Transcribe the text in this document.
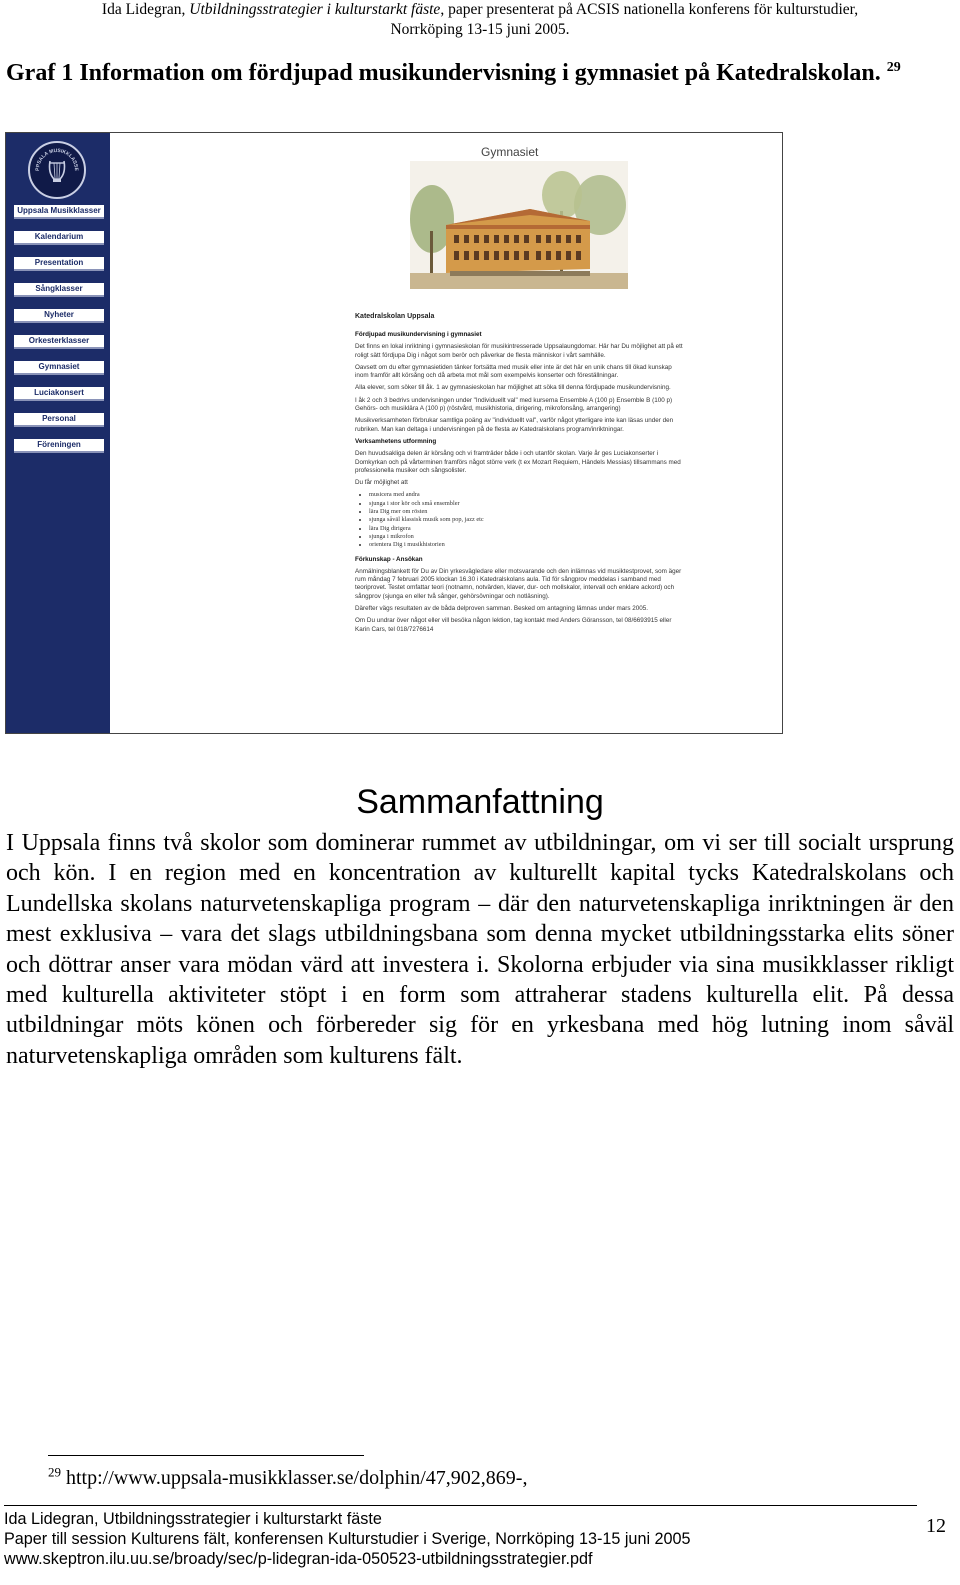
Ida Lidegran, Utbildningsstrategier i kulturstarkt fäste, paper presenterat på ACSIS nationella konferens för kulturstudier,
Norrköping 13-15 juni 2005.
Graf 1 Information om fördjupad musikundervisning i gymnasiet på Katedralskolan. $^{29}$
PPSALA MUSIKKLASSE
Uppsala Musikklasser
Kalendarium
Presentation
Sångklasser
Nyheter
Orkesterklasser
Gymnasiet
Luciakonsert
Personal
Föreningen
Gymnasiet
Katedralskolan Uppsala

Fördjupad musikundervisning i gymnasiet

Det finns en lokal inriktning i gymnasieskolan för musikintresserade Uppsalaungdomar. Här har Du möjlighet att på ett roligt sätt fördjupa Dig i något som berör och påverkar de flesta människor i vårt samhälle.

Oavsett om du efter gymnasietiden tänker fortsätta med musik eller inte är det här en unik chans till ökad kunskap inom framför allt körsång och då arbeta mot mål som exempelvis konserter och föreställningar.

Alla elever, som söker till åk. 1 av gymnasieskolan har möjlighet att söka till denna fördjupade musikundervisning.

I åk 2 och 3 bedrivs undervisningen under "Individuellt val" med kurserna Ensemble A (100 p) Ensemble B (100 p) Gehörs- och musiklära A (100 p) (röstvård, musikhistoria, dirigering, mikrofonsång, arrangering)

Musikverksamheten förbrukar samtliga poäng av "individuellt val", varför något ytterligare inte kan läsas under den rubriken. Man kan deltaga i undervisningen på de flesta av Katedralskolans program/inriktningar.

Verksamhetens utformning

Den huvudsakliga delen är körsång och vi framträder både i och utanför skolan. Varje år ges Luciakonserter i Domkyrkan och på vårterminen framförs något större verk (t ex Mozart Requiem, Händels Messias) tillsammans med professionella musiker och sångsolister.

Du får möjlighet att

• musicera med andra
• sjunga i stor kör och små ensembler
• lära Dig mer om rösten
• sjunga såväl klassisk musik som pop, jazz etc
• lära Dig dirigera
• sjunga i mikrofon
• orientera Dig i musikhistorien

Förkunskap - Ansökan

Anmälningsblankett för Du av Din yrkesvägledare eller motsvarande och den inlämnas vid musiktestprovet, som äger rum måndag 7 februari 2005 klockan 16.30 i Katedralskolans aula. Tid för sångprov meddelas i samband med teoriprovet. Testet omfattar teori (notnamn, notvärden, klaver, dur- och mollskalor, intervall och enklare ackord) och sångprov (sjunga en eller två sånger, gehörsövningar och notläsning).

Därefter vägs resultaten av de båda delproven samman. Besked om antagning lämnas under mars 2005.

Om Du undrar över något eller vill besöka någon lektion, tag kontakt med Anders Göransson, tel 08/6693915 eller Karin Cars, tel 018/7276614

Sammanfattning
I Uppsala finns två skolor som dominerar rummet av utbildningar, om vi ser till socialt ursprung och kön. I en region med en koncentration av kulturellt kapital tycks Katedralskolans och Lundellska skolans naturvetenskapliga program – där den naturvetenskapliga inriktningen är den mest exklusiva – vara det slags utbildningsbana som denna mycket utbildningsstarka elits söner och döttrar anser vara mödan värd att investera i. Skolorna erbjuder via sina musikklasser rikligt med kulturella aktiviteter stöpt i en form som attraherar stadens kulturella elit. På dessa utbildningar möts könen och förbereder sig för en yrkesbana med hög lutning inom såväl naturvetenskapliga områden som kulturens fält.
$^{29}$ http://www.uppsala-musikklasser.se/dolphin/47,902,869-,
Ida Lidegran, Utbildningsstrategier i kulturstarkt fäste
Paper till session Kulturens fält, konferensen Kulturstudier i Sverige, Norrköping 13-15 juni 2005
www.skeptron.ilu.uu.se/broady/sec/p-lidegran-ida-050523-utbildningsstrategier.pdf
12
